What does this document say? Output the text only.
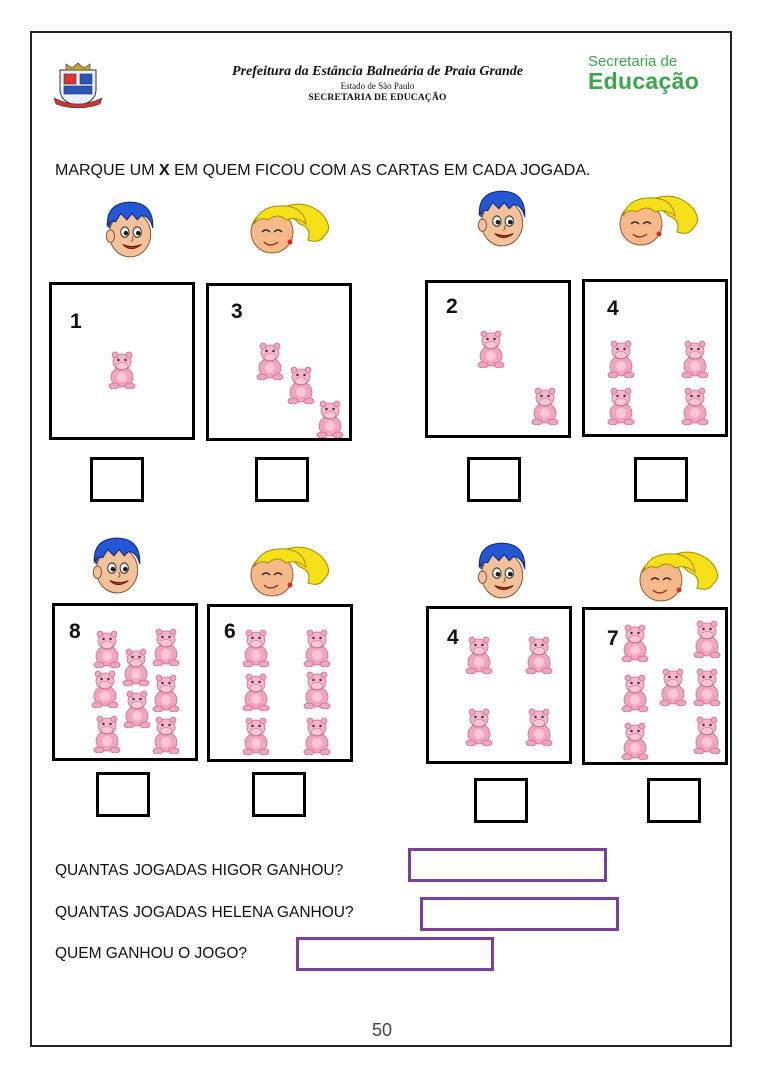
Prefeitura da Estância Balneária de Praia Grande
Estado de São Paulo
SECRETARIA DE EDUCAÇÃO
Secretaria de
Educação
MARQUE UM X EM QUEM FICOU COM AS CARTAS EM CADA JOGADA.
1	3	2	4
8	6	4	7
QUANTAS JOGADAS HIGOR GANHOU?
QUANTAS JOGADAS HELENA GANHOU?
QUEM GANHOU O JOGO?
50
